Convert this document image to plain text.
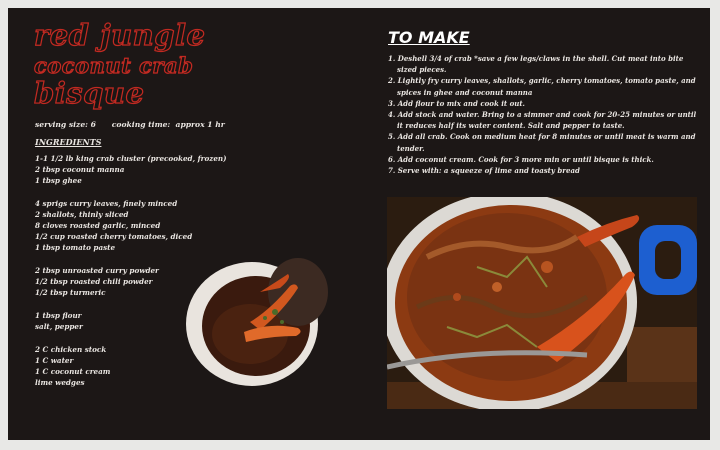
red jungle
coconut crab
bisque
serving size: 6 cooking time:  approx 1 hr
INGREDIENTS
1-1 1/2 lb king crab cluster (precooked, frozen)
2 tbsp coconut manna
1 tbsp ghee
4 sprigs curry leaves, finely minced
2 shallots, thinly sliced
8 cloves roasted garlic, minced
1/2 cup roasted cherry tomatoes, diced
1 tbsp tomato paste
2 tbsp unroasted curry powder
1/2 tbsp roasted chili powder
1/2 tbsp turmeric
1 tbsp flour
salt, pepper
2 C chicken stock
1 C water
1 C coconut cream
lime wedges
TO MAKE
1. Deshell 3/4 of crab *save a few legs/claws in the shell. Cut meat into bite sized pieces.
2. Lightly fry curry leaves, shallots, garlic, cherry tomatoes, tomato paste, and spices in ghee and coconut manna
3. Add flour to mix and cook it out.
4. Add stock and water. Bring to a simmer and cook for 20-25 minutes or until it reduces half its water content. Salt and pepper to taste.
5. Add all crab. Cook on medium heat for 8 minutes or until meat is warm and tender.
6. Add coconut cream. Cook for 3 more min or until bisque is thick.
7. Serve with: a squeeze of lime and toasty bread
